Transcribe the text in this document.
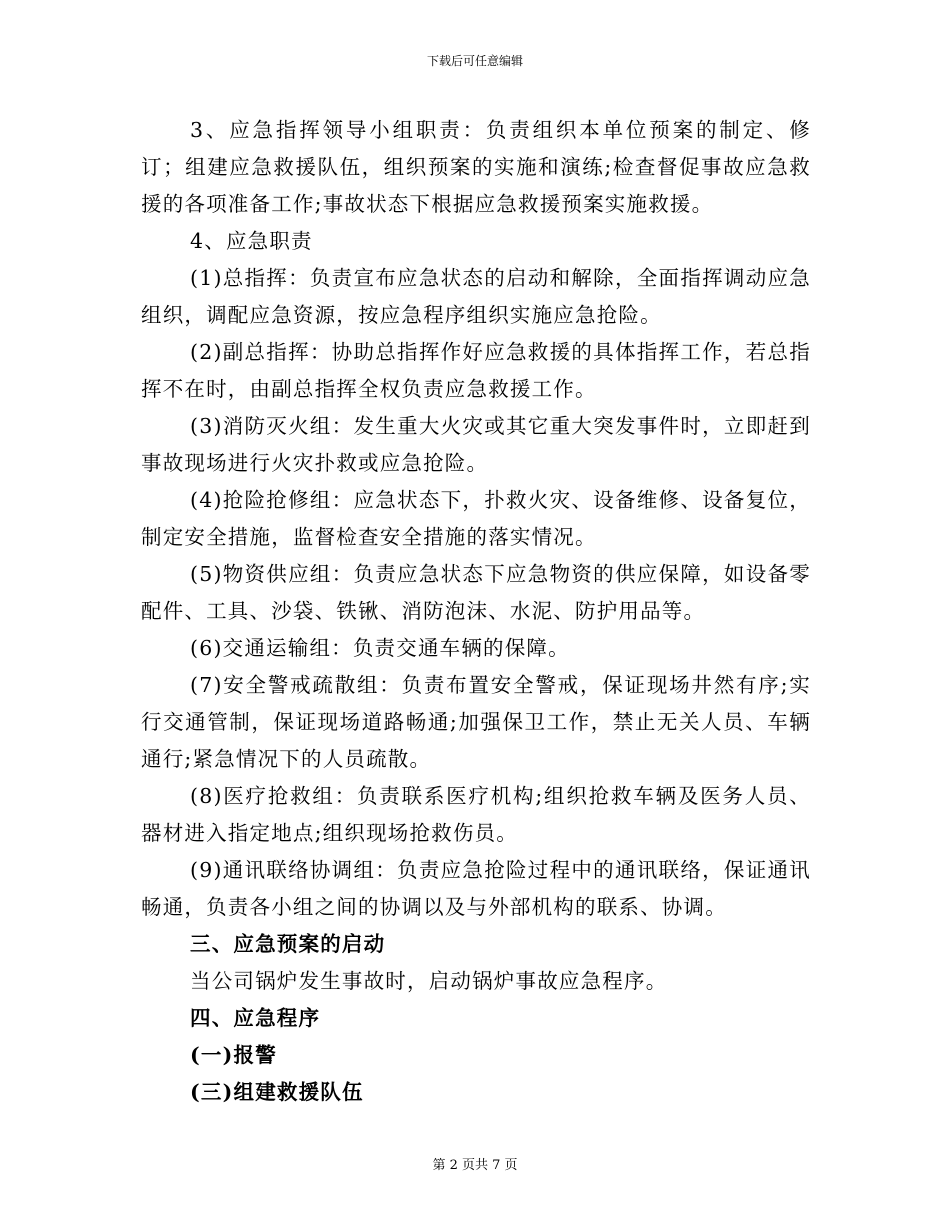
下载后可任意编辑

3、应急指挥领导小组职责：负责组织本单位预案的制定、修订；组建应急救援队伍，组织预案的实施和演练;检查督促事故应急救援的各项准备工作;事故状态下根据应急救援预案实施救援。

4、应急职责

(1)总指挥：负责宣布应急状态的启动和解除，全面指挥调动应急组织，调配应急资源，按应急程序组织实施应急抢险。

(2)副总指挥：协助总指挥作好应急救援的具体指挥工作，若总指挥不在时，由副总指挥全权负责应急救援工作。

(3)消防灭火组：发生重大火灾或其它重大突发事件时，立即赶到事故现场进行火灾扑救或应急抢险。

(4)抢险抢修组：应急状态下，扑救火灾、设备维修、设备复位，制定安全措施，监督检查安全措施的落实情况。

(5)物资供应组：负责应急状态下应急物资的供应保障，如设备零配件、工具、沙袋、铁锹、消防泡沫、水泥、防护用品等。

(6)交通运输组：负责交通车辆的保障。

(7)安全警戒疏散组：负责布置安全警戒，保证现场井然有序;实行交通管制，保证现场道路畅通;加强保卫工作，禁止无关人员、车辆通行;紧急情况下的人员疏散。

(8)医疗抢救组：负责联系医疗机构;组织抢救车辆及医务人员、器材进入指定地点;组织现场抢救伤员。

(9)通讯联络协调组：负责应急抢险过程中的通讯联络，保证通讯畅通，负责各小组之间的协调以及与外部机构的联系、协调。

三、应急预案的启动

当公司锅炉发生事故时，启动锅炉事故应急程序。

四、应急程序

(一)报警

(三)组建救援队伍

第 2 页共 7 页
